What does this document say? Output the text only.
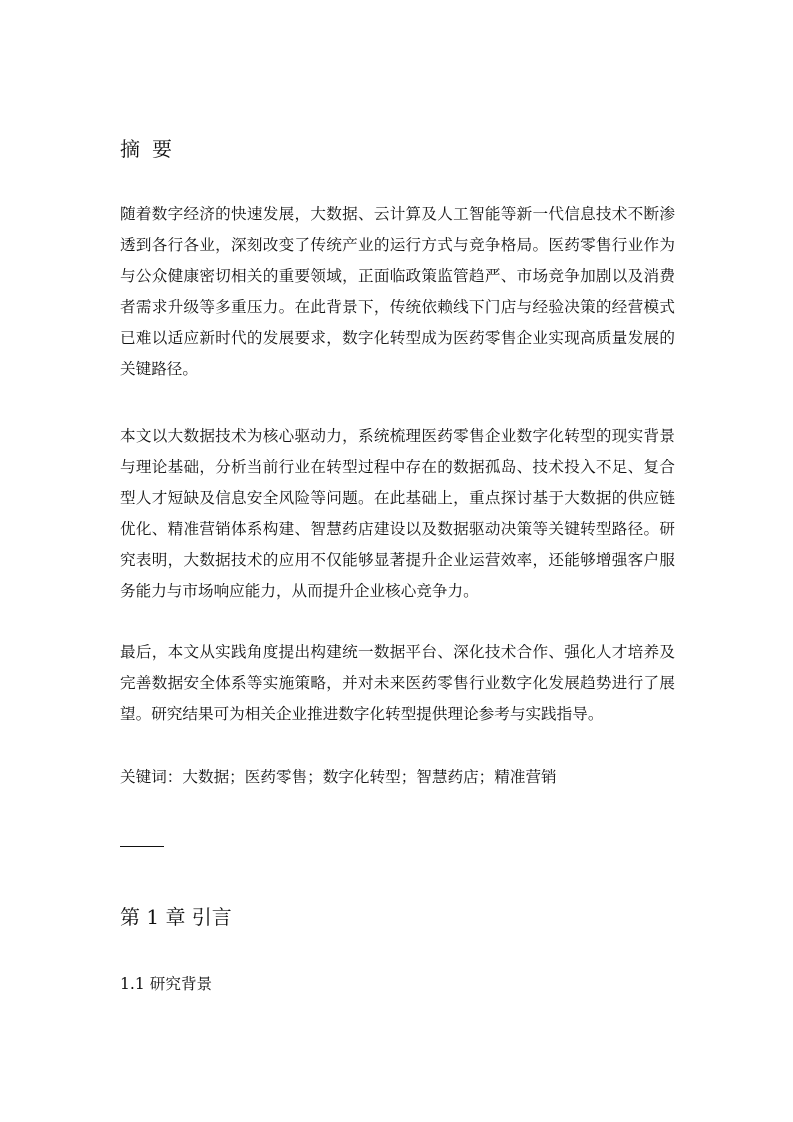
摘要

随着数字经济的快速发展，大数据、云计算及人工智能等新一代信息技术不断渗透到各行各业，深刻改变了传统产业的运行方式与竞争格局。医药零售行业作为与公众健康密切相关的重要领域，正面临政策监管趋严、市场竞争加剧以及消费者需求升级等多重压力。在此背景下，传统依赖线下门店与经验决策的经营模式已难以适应新时代的发展要求，数字化转型成为医药零售企业实现高质量发展的关键路径。

本文以大数据技术为核心驱动力，系统梳理医药零售企业数字化转型的现实背景与理论基础，分析当前行业在转型过程中存在的数据孤岛、技术投入不足、复合型人才短缺及信息安全风险等问题。在此基础上，重点探讨基于大数据的供应链优化、精准营销体系构建、智慧药店建设以及数据驱动决策等关键转型路径。研究表明，大数据技术的应用不仅能够显著提升企业运营效率，还能够增强客户服务能力与市场响应能力，从而提升企业核心竞争力。

最后，本文从实践角度提出构建统一数据平台、深化技术合作、强化人才培养及完善数据安全体系等实施策略，并对未来医药零售行业数字化发展趋势进行了展望。研究结果可为相关企业推进数字化转型提供理论参考与实践指导。

关键词：大数据；医药零售；数字化转型；智慧药店；精准营销

第 1 章 引言
1.1 研究背景
